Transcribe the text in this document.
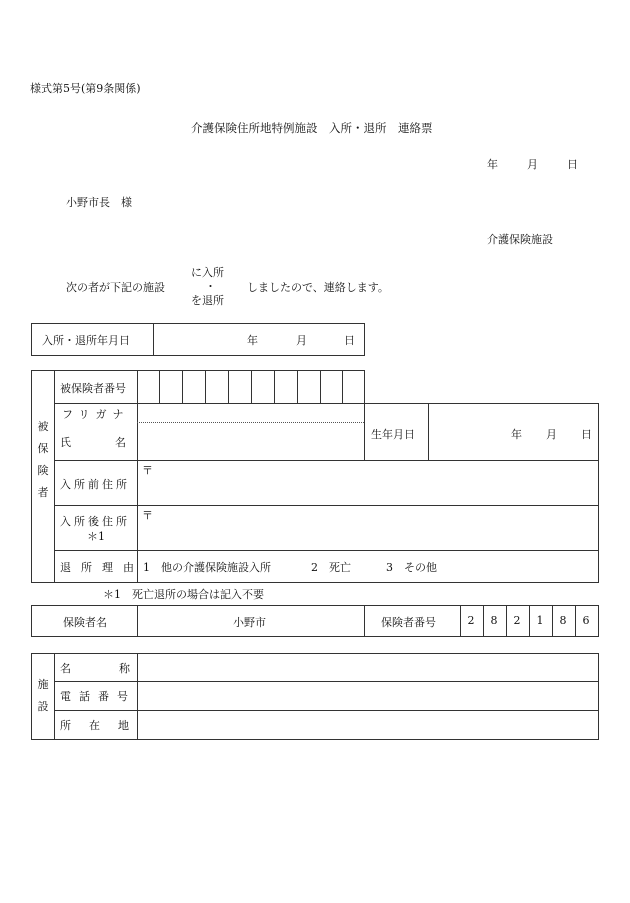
様式第5号(第9条関係)
介護保険住所地特例施設　入所・退所　連絡票
年	月	日
小野市長　様
介護保険施設
次の者が下記の施設
に入所
・
を退所
しましたので、連絡します。
入所・退所年月日	年	月	日
被
保
険
者
被保険者番号
フリガナ
氏名
生年月日	年 月 日
入所前住所
〒
入所後住所
＊1
〒
退所理由 1　他の介護保険施設入所	2　死亡	3　その他
＊1　死亡退所の場合は記入不要
保険者名	小野市	保険者番号	2	8	2	1	8	6
施
設
名称
電話番号
所在地
